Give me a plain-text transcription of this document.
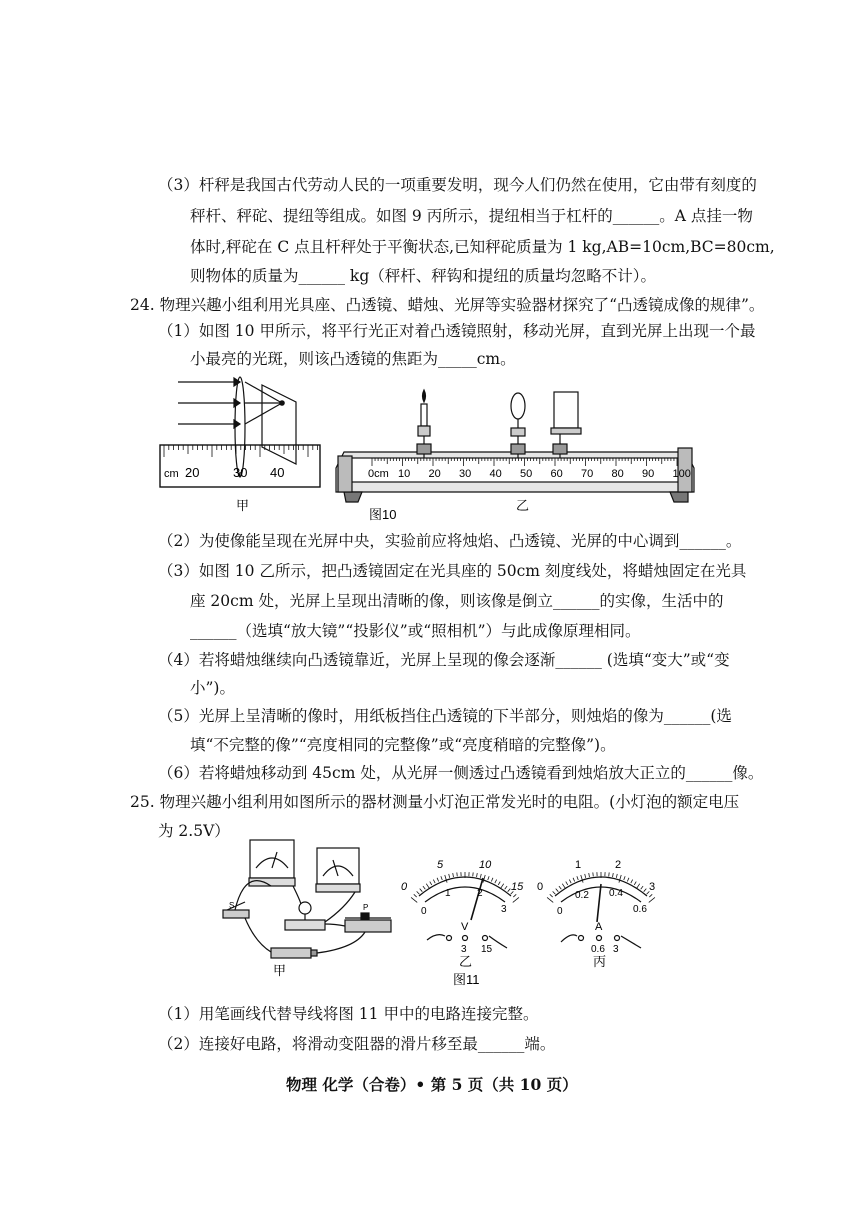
（3）杆秤是我国古代劳动人民的一项重要发明，现今人们仍然在使用，它由带有刻度的
秤杆、秤砣、提纽等组成。如图 9 丙所示，提纽相当于杠杆的______。A 点挂一物
体时,秤砣在 C 点且杆秤处于平衡状态,已知秤砣质量为 1 kg,AB=10cm,BC=80cm,
则物体的质量为______ kg（秤杆、秤钩和提纽的质量均忽略不计）。
24. 物理兴趣小组利用光具座、凸透镜、蜡烛、光屏等实验器材探究了“凸透镜成像的规律”。
（1）如图 10 甲所示，将平行光正对着凸透镜照射，移动光屏，直到光屏上出现一个最
小最亮的光斑，则该凸透镜的焦距为_____cm。
cm 20	30 40	0cm 10 20 30 40 50 60 70 80 90 100
甲	乙
图10
（2）为使像能呈现在光屏中央，实验前应将烛焰、凸透镜、光屏的中心调到______。
（3）如图 10 乙所示，把凸透镜固定在光具座的 50cm 刻度线处，将蜡烛固定在光具
座 20cm 处，光屏上呈现出清晰的像，则该像是倒立______的实像，生活中的
______（选填“放大镜”“投影仪”或“照相机”）与此成像原理相同。
（4）若将蜡烛继续向凸透镜靠近，光屏上呈现的像会逐渐______ (选填“变大”或“变
小”)。
（5）光屏上呈清晰的像时，用纸板挡住凸透镜的下半部分，则烛焰的像为______(选
填“不完整的像”“亮度相同的完整像”或“亮度稍暗的完整像”)。
（6）若将蜡烛移动到 45cm 处，从光屏一侧透过凸透镜看到烛焰放大正立的______像。
25. 物理兴趣小组利用如图所示的器材测量小灯泡正常发光时的电阻。(小灯泡的额定电压
为 2.5V）
S	P
甲
0
5	10
15
0
1	2
3
V
3 15
乙
0
1	2
3
0
0.2 0.4
0.6
A
0.6 3
丙
图11
（1）用笔画线代替导线将图 11 甲中的电路连接完整。
（2）连接好电路，将滑动变阻器的滑片移至最______端。
物理 化学（合卷）• 第 5 页（共 10 页）
